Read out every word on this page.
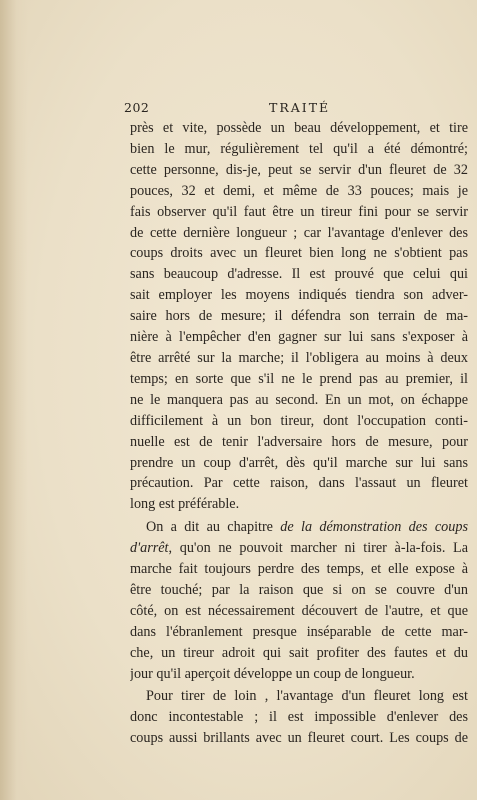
202	TRAITÉ
près et vite, possède un beau développement, et tire
bien le mur, régulièrement tel qu'il a été démontré;
cette personne, dis-je, peut se servir d'un fleuret de 32
pouces, 32 et demi, et même de 33 pouces; mais je
fais observer qu'il faut être un tireur fini pour se servir
de cette dernière longueur ; car l'avantage d'enlever des
coups droits avec un fleuret bien long ne s'obtient pas
sans beaucoup d'adresse. Il est prouvé que celui qui
sait employer les moyens indiqués tiendra son adver-
saire hors de mesure; il défendra son terrain de ma-
nière à l'empêcher d'en gagner sur lui sans s'exposer à
être arrêté sur la marche; il l'obligera au moins à deux
temps; en sorte que s'il ne le prend pas au premier, il
ne le manquera pas au second. En un mot, on échappe
difficilement à un bon tireur, dont l'occupation conti-
nuelle est de tenir l'adversaire hors de mesure, pour
prendre un coup d'arrêt, dès qu'il marche sur lui sans
précaution. Par cette raison, dans l'assaut un fleuret
long est préférable.
On a dit au chapitre de la démonstration des coups
d'arrêt, qu'on ne pouvoit marcher ni tirer à-la-fois. La
marche fait toujours perdre des temps, et elle expose à
être touché; par la raison que si on se couvre d'un
côté, on est nécessairement découvert de l'autre, et que
dans l'ébranlement presque inséparable de cette mar-
che, un tireur adroit qui sait profiter des fautes et du
jour qu'il aperçoit développe un coup de longueur.
Pour tirer de loin , l'avantage d'un fleuret long est
donc incontestable ; il est impossible d'enlever des
coups aussi brillants avec un fleuret court. Les coups de
